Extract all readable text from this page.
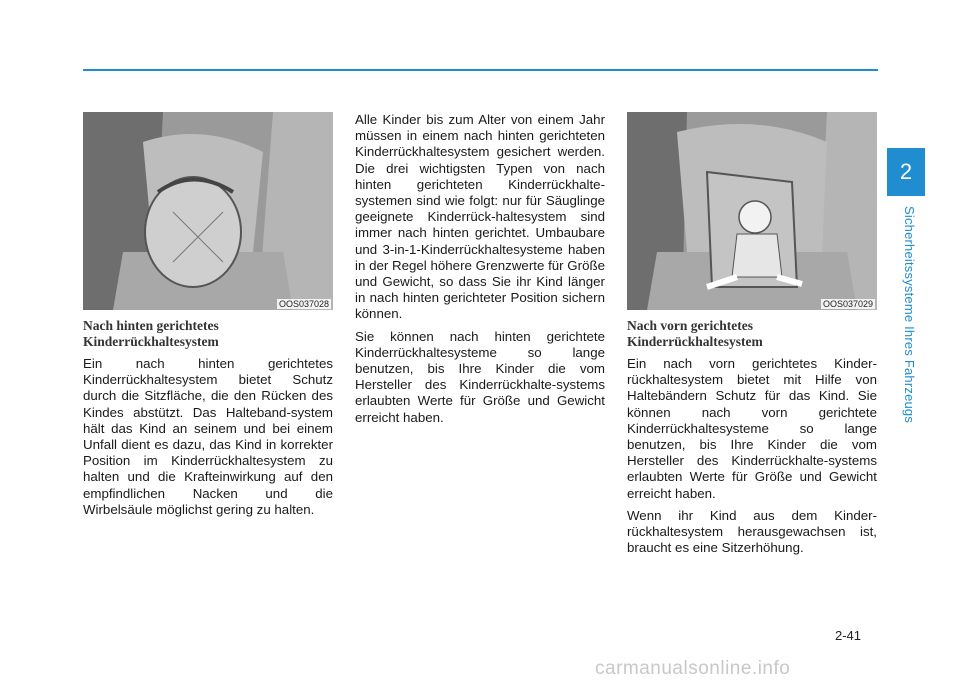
2
Sicherheitssysteme Ihres Fahrzeugs
OOS037028
Nach hinten gerichtetes Kinderrückhaltesystem

Ein nach hinten gerichtetes Kinderrückhaltesystem bietet Schutz durch die Sitzfläche, die den Rücken des Kindes abstützt. Das Halteband-system hält das Kind an seinem und bei einem Unfall dient es dazu, das Kind in korrekter Position im Kinderrückhaltesystem zu halten und die Krafteinwirkung auf den empfindlichen Nacken und die Wirbelsäule möglichst gering zu halten.

Alle Kinder bis zum Alter von einem Jahr müssen in einem nach hinten gerichteten Kinderrückhaltesystem gesichert werden. Die drei wichtigsten Typen von nach hinten gerichteten Kinderrückhalte-systemen sind wie folgt: nur für Säuglinge geeignete Kinderrück-haltesystem sind immer nach hinten gerichtet. Umbaubare und 3-in-1-Kinderrückhaltesysteme haben in der Regel höhere Grenzwerte für Größe und Gewicht, so dass Sie ihr Kind länger in nach hinten gerichteter Position sichern können.

Sie können nach hinten gerichtete Kinderrückhaltesysteme so lange benutzen, bis Ihre Kinder die vom Hersteller des Kinderrückhalte-systems erlaubten Werte für Größe und Gewicht erreicht haben.

OOS037029
Nach vorn gerichtetes Kinderrückhaltesystem

Ein nach vorn gerichtetes Kinder-rückhaltesystem bietet mit Hilfe von Haltebändern Schutz für das Kind. Sie können nach vorn gerichtete Kinderrückhaltesysteme so lange benutzen, bis Ihre Kinder die vom Hersteller des Kinderrückhalte-systems erlaubten Werte für Größe und Gewicht erreicht haben.

Wenn ihr Kind aus dem Kinder-rückhaltesystem herausgewachsen ist, braucht es eine Sitzerhöhung.

2-41
carmanualsonline.info
